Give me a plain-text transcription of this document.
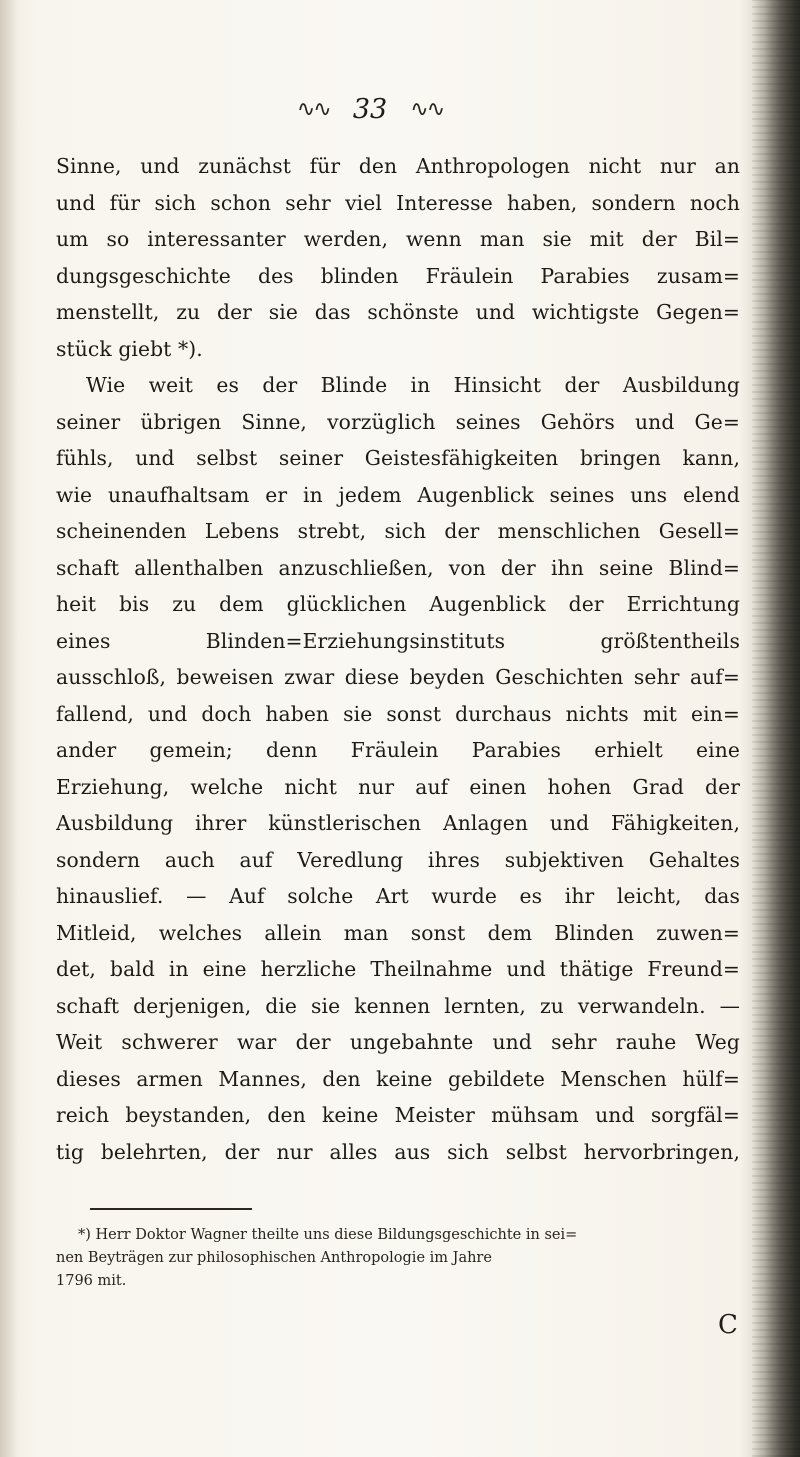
∿∿ 33 ∿∿
Sinne, und zunächst für den Anthropologen nicht nur an
und für sich schon sehr viel Interesse haben, sondern noch
um so interessanter werden, wenn man sie mit der Bil=
dungsgeschichte des blinden Fräulein Parabies zusam=
menstellt, zu der sie das schönste und wichtigste Gegen=
stück giebt *).
Wie weit es der Blinde in Hinsicht der Ausbildung
seiner übrigen Sinne, vorzüglich seines Gehörs und Ge=
fühls, und selbst seiner Geistesfähigkeiten bringen kann,
wie unaufhaltsam er in jedem Augenblick seines uns elend
scheinenden Lebens strebt, sich der menschlichen Gesell=
schaft allenthalben anzuschließen, von der ihn seine Blind=
heit bis zu dem glücklichen Augenblick der Errichtung
eines Blinden=Erziehungsinstituts größtentheils
ausschloß, beweisen zwar diese beyden Geschichten sehr auf=
fallend, und doch haben sie sonst durchaus nichts mit ein=
ander gemein; denn Fräulein Parabies erhielt eine
Erziehung, welche nicht nur auf einen hohen Grad der
Ausbildung ihrer künstlerischen Anlagen und Fähigkeiten,
sondern auch auf Veredlung ihres subjektiven Gehaltes
hinauslief. — Auf solche Art wurde es ihr leicht, das
Mitleid, welches allein man sonst dem Blinden zuwen=
det, bald in eine herzliche Theilnahme und thätige Freund=
schaft derjenigen, die sie kennen lernten, zu verwandeln. —
Weit schwerer war der ungebahnte und sehr rauhe Weg
dieses armen Mannes, den keine gebildete Menschen hülf=
reich beystanden, den keine Meister mühsam und sorgfäl=
tig belehrten, der nur alles aus sich selbst hervorbringen,
*) Herr Doktor Wagner theilte uns diese Bildungsgeschichte in sei=
nen Beyträgen zur philosophischen Anthropologie im Jahre
1796 mit.
C
